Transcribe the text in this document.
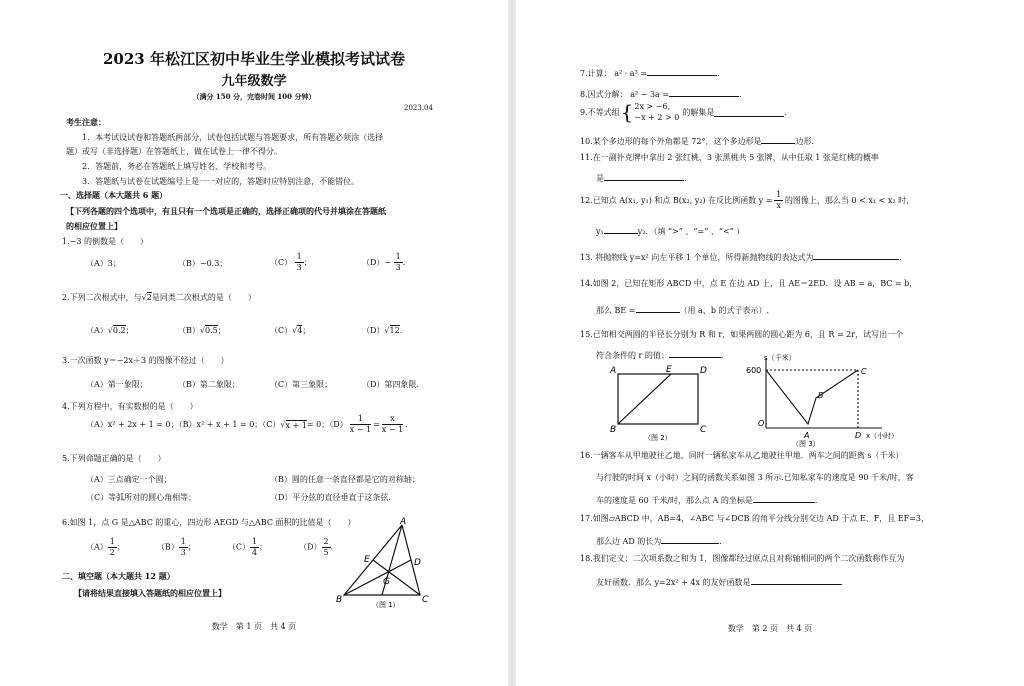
2023 年松江区初中毕业生学业模拟考试试卷
九年级数学
（满分 150 分，完卷时间 100 分钟）
2023.04
考生注意：
1．本考试设试卷和答题纸两部分，试卷包括试题与答题要求，所有答题必须涂（选择
题）或写（非选择题）在答题纸上，做在试卷上一律不得分。
2．答题前，务必在答题纸上填写姓名、学校和考号。
3．答题纸与试卷在试题编号上是一一对应的，答题时应特别注意，不能错位。
一、选择题（本大题共 6 题）
【下列各题的四个选项中，有且只有一个选项是正确的，选择正确项的代号并填涂在答题纸
的相应位置上】
1.−3 的倒数是（　　）
（A）3；	（B）−0.3；	$(C) \frac{1}{3}$ ；	$(D)- \frac{1}{3}$ .
2.下列二次根式中，与√2是同类二次根式的是（　　）
（A）√0.2；	（B）√0.5；	（C）√4；	（D）√12.
3.一次函数 y＝−2x＋3 的图像不经过（　　）
（A）第一象限；	（B）第二象限；	（C）第三象限；	（D）第四象限.
4.下列方程中，有实数根的是（　　）
（A）x² + 2x + 1 = 0；（B）x² + x + 1 = 0；（C） √ x + 1 = 0；$(D) \frac{1}{x - 1} = \frac{x}{x - 1}$ .
5.下列命题正确的是（　　）
（A）三点确定一个圆；	（B）圆的任意一条直径都是它的对称轴；
（C）等弧所对的圆心角相等；	（D）平分弦的直径垂直于这条弦.
6.如图 1，点 G 是△ABC 的重心，四边形 AEGD 与△ABC 面积的比值是（　　）
$(A) \frac{1}{2}$ ；	$(B) \frac{1}{3}$ ；	$(C) \frac{1}{4}$ ；	$(D) \frac{2}{5}$ .
A
B	C
D
E
G
（图 1）
二、填空题（本大题共 12 题）
【请将结果直接填入答题纸的相应位置上】
数学　第 1 页　共 4 页
7.计算： a² · a³ =	.
8.因式分解： a² − 3a =	.
9.不等式组 { 2x > −6,
−x + 2 > 0
的解集是	.
10.某个多边形的每个外角都是 72°，这个多边形是	边形.
11.在一副扑克牌中拿出 2 张红桃、3 张黑桃共 5 张牌，从中任取 1 张是红桃的概率
是	.
12.已知点 A(x₁, y₁) 和点 B(x₂, y₂) 在反比例函数 $y = \frac{1}{x}$ 的图像上，那么当 0 < x₁ < x₂ 时，
y₁	y₂．（填 “>” 、“=” 、“<” ）
13. 将抛物线 y=x² 向左平移 1 个单位，所得新抛物线的表达式为	.
14.如图 2，已知在矩形 ABCD 中，点 E 在边 AD 上，且 AE＝2ED．设 AB = a，BC = b，
那么 BE =	（用 a、b 的式子表示）.
15.已知相交两圆的半径长分别为 R 和 r，如果两圆的圆心距为 6，且 R = 2r，试写出一个
符合条件的 r 的值：	.
A	E	D
B	C
（图 2）
s（千米）
600
O
A
B
C
D x（小时）
（图 3）
16.一辆客车从甲地驶往乙地，同时一辆私家车从乙地驶往甲地．两车之间的距离 s（千米）
与行驶的时间 x（小时）之间的函数关系如图 3 所示.已知私家车的速度是 90 千米/时，客
车的速度是 60 千米/时，那么点 A 的坐标是	.
17.如图▱ABCD 中，AB=4，∠ABC 与∠DCB 的角平分线分别交边 AD 于点 E、F，且 EF=3，
那么边 AD 的长为	.
18.我们定义：二次项系数之和为 1，图像都经过原点且对称轴相同的两个二次函数称作互为
友好函数．那么 y=2x² + 4x 的友好函数是	.
数学　第 2 页　共 4 页
